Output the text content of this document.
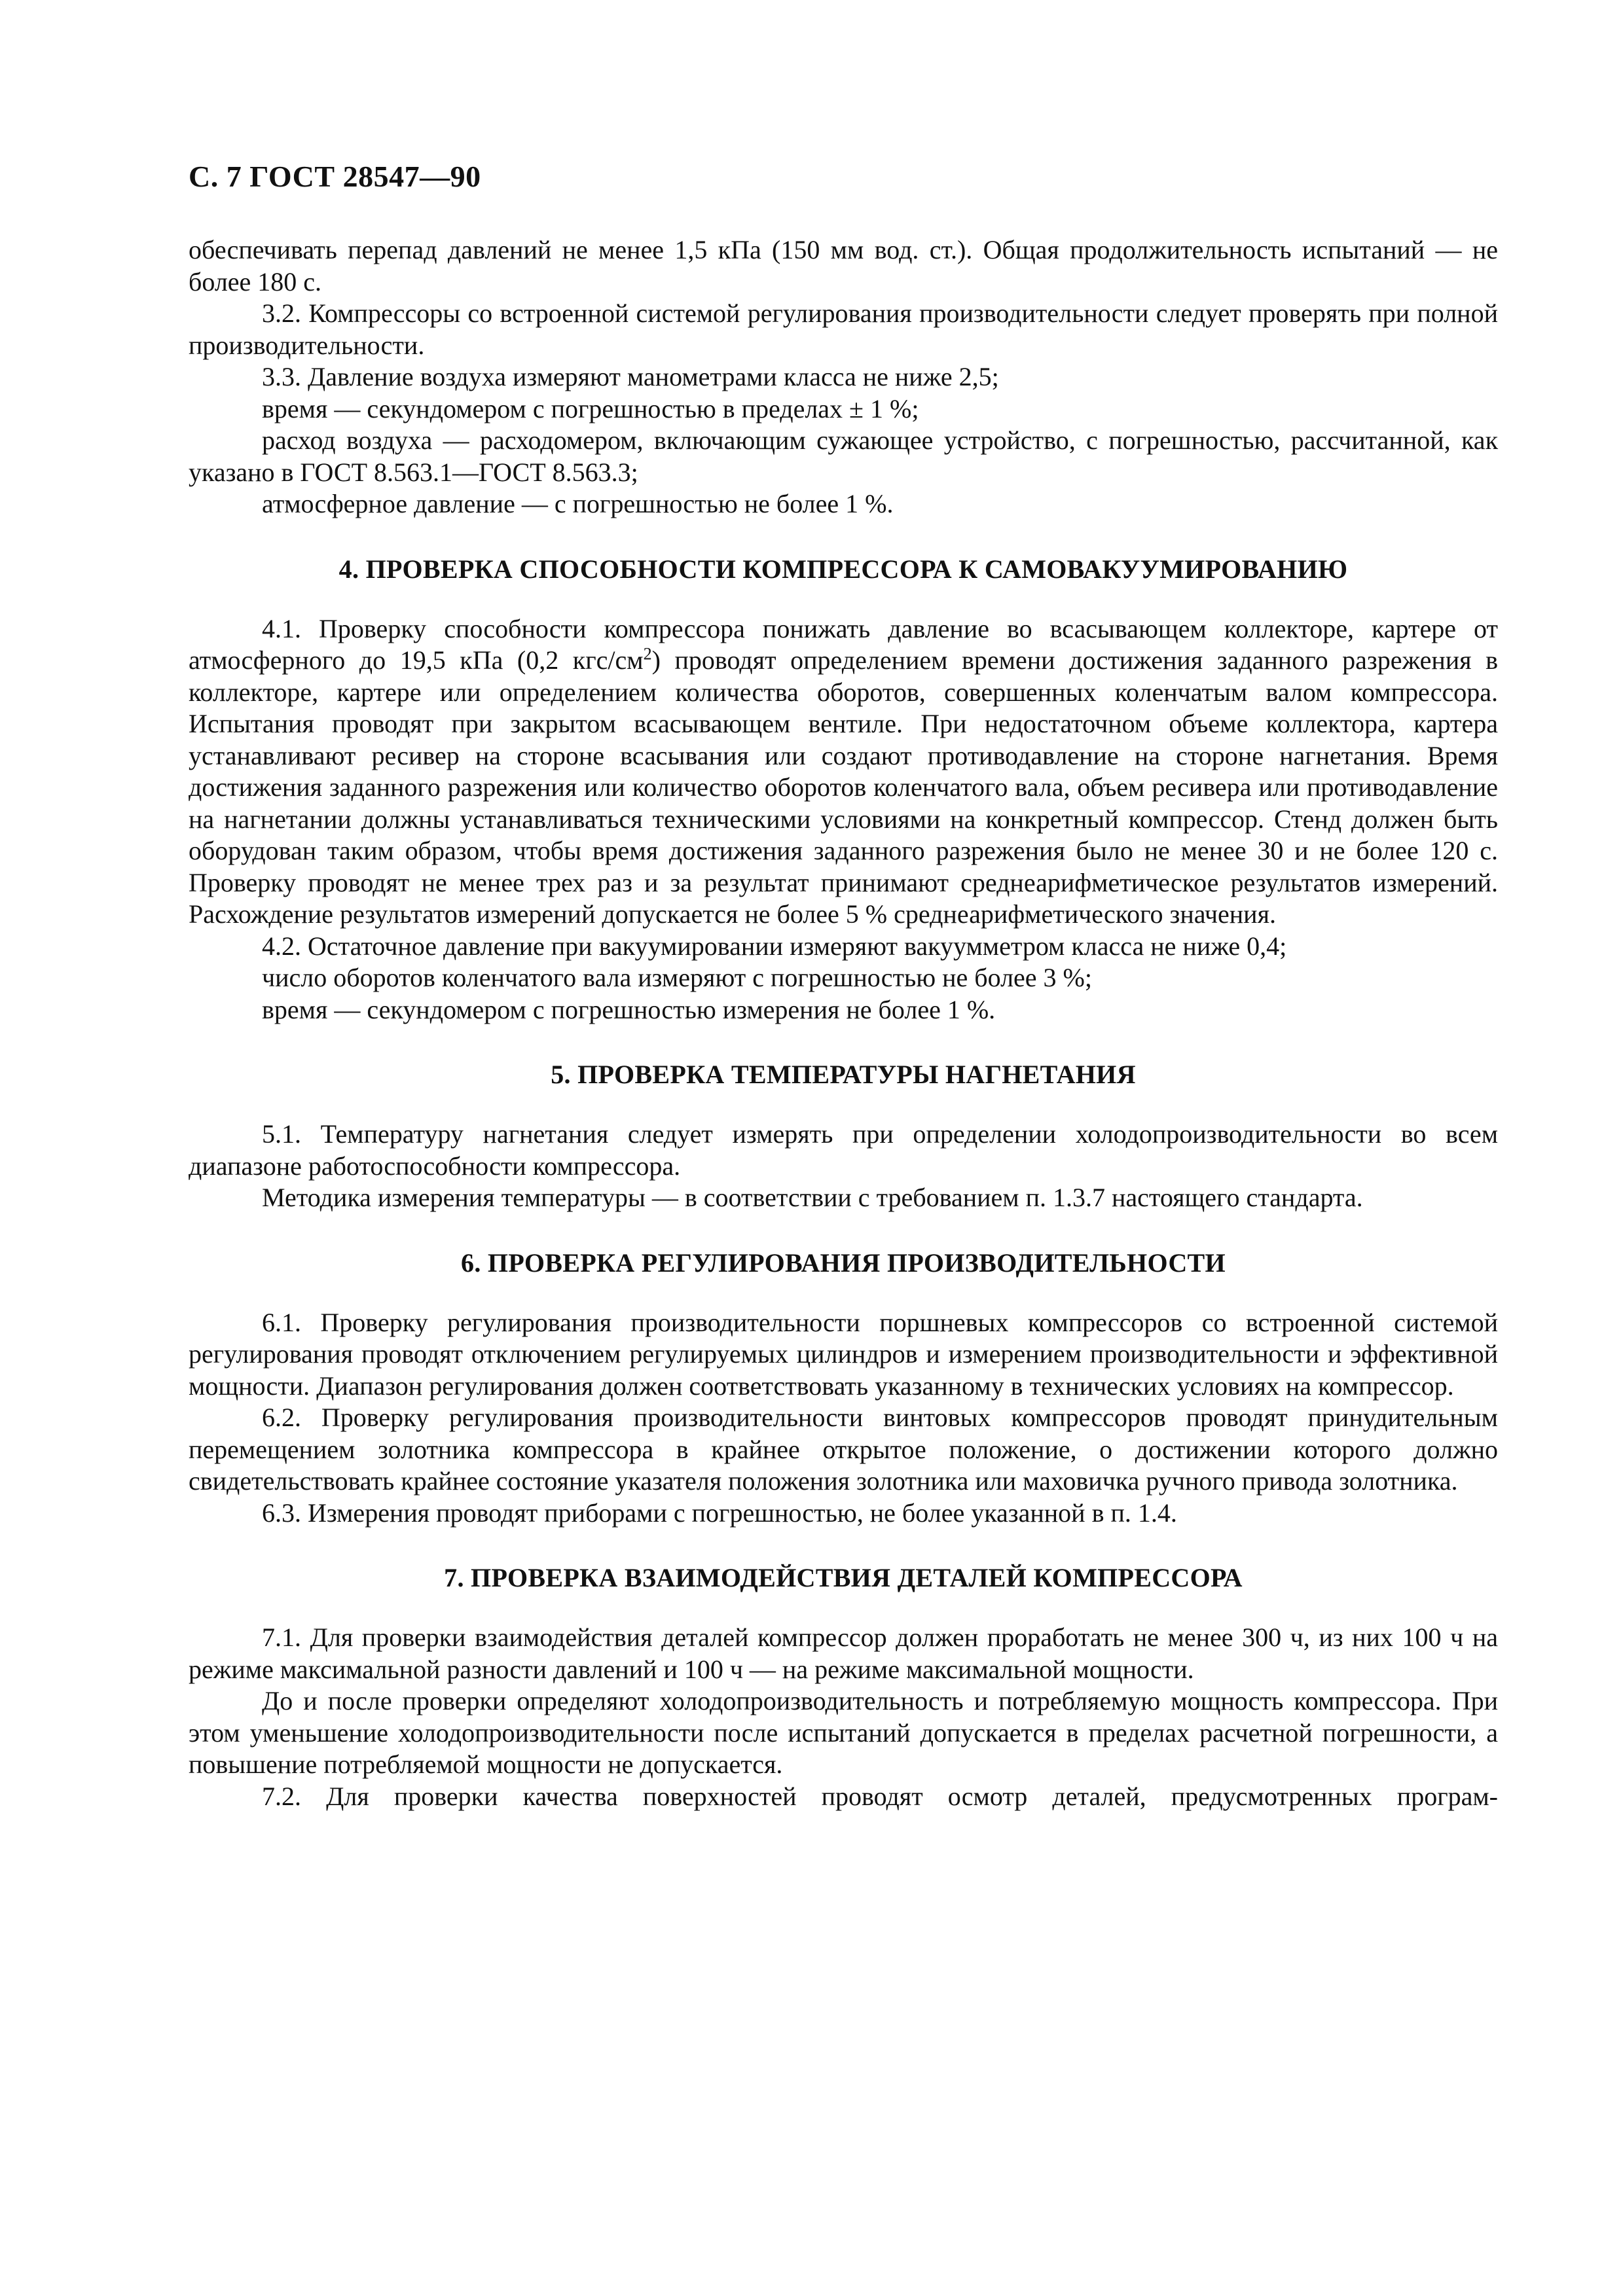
С. 7 ГОСТ 28547—90

обеспечивать перепад давлений не менее 1,5 кПа (150 мм вод. ст.). Общая продолжительность испытаний — не более 180 с.

3.2. Компрессоры со встроенной системой регулирования производительности следует проверять при полной производительности.

3.3. Давление воздуха измеряют манометрами класса не ниже 2,5;

время — секундомером с погрешностью в пределах ± 1 %;

расход воздуха — расходомером, включающим сужающее устройство, с погрешностью, рассчитанной, как указано в ГОСТ 8.563.1—ГОСТ 8.563.3;

атмосферное давление — с погрешностью не более 1 %.

4. ПРОВЕРКА СПОСОБНОСТИ КОМПРЕССОРА К САМОВАКУУМИРОВАНИЮ

4.1. Проверку способности компрессора понижать давление во всасывающем коллекторе, картере от атмосферного до 19,5 кПа (0,2 кгс/$см^2$) проводят определением времени достижения заданного разрежения в коллекторе, картере или определением количества оборотов, совершенных коленчатым валом компрессора. Испытания проводят при закрытом всасывающем вентиле. При недостаточном объеме коллектора, картера устанавливают ресивер на стороне всасывания или создают противодавление на стороне нагнетания. Время достижения заданного разрежения или количество оборотов коленчатого вала, объем ресивера или противодавление на нагнетании должны устанавливаться техническими условиями на конкретный компрессор. Стенд должен быть оборудован таким образом, чтобы время достижения заданного разрежения было не менее 30 и не более 120 с. Проверку проводят не менее трех раз и за результат принимают среднеарифметическое результатов измерений. Расхождение результатов измерений допускается не более 5 % среднеарифметического значения.

4.2. Остаточное давление при вакуумировании измеряют вакуумметром класса не ниже 0,4;

число оборотов коленчатого вала измеряют с погрешностью не более 3 %;

время — секундомером с погрешностью измерения не более 1 %.

5. ПРОВЕРКА ТЕМПЕРАТУРЫ НАГНЕТАНИЯ

5.1. Температуру нагнетания следует измерять при определении холодопроизводительности во всем диапазоне работоспособности компрессора.

Методика измерения температуры — в соответствии с требованием п. 1.3.7 настоящего стандарта.

6. ПРОВЕРКА РЕГУЛИРОВАНИЯ ПРОИЗВОДИТЕЛЬНОСТИ

6.1. Проверку регулирования производительности поршневых компрессоров со встроенной системой регулирования проводят отключением регулируемых цилиндров и измерением производительности и эффективной мощности. Диапазон регулирования должен соответствовать указанному в технических условиях на компрессор.

6.2. Проверку регулирования производительности винтовых компрессоров проводят принудительным перемещением золотника компрессора в крайнее открытое положение, о достижении которого должно свидетельствовать крайнее состояние указателя положения золотника или маховичка ручного привода золотника.

6.3. Измерения проводят приборами с погрешностью, не более указанной в п. 1.4.

7. ПРОВЕРКА ВЗАИМОДЕЙСТВИЯ ДЕТАЛЕЙ КОМПРЕССОРА

7.1. Для проверки взаимодействия деталей компрессор должен проработать не менее 300 ч, из них 100 ч на режиме максимальной разности давлений и 100 ч — на режиме максимальной мощности.

До и после проверки определяют холодопроизводительность и потребляемую мощность компрессора. При этом уменьшение холодопроизводительности после испытаний допускается в пределах расчетной погрешности, а повышение потребляемой мощности не допускается.

7.2. Для проверки качества поверхностей проводят осмотр деталей, предусмотренных програм-
